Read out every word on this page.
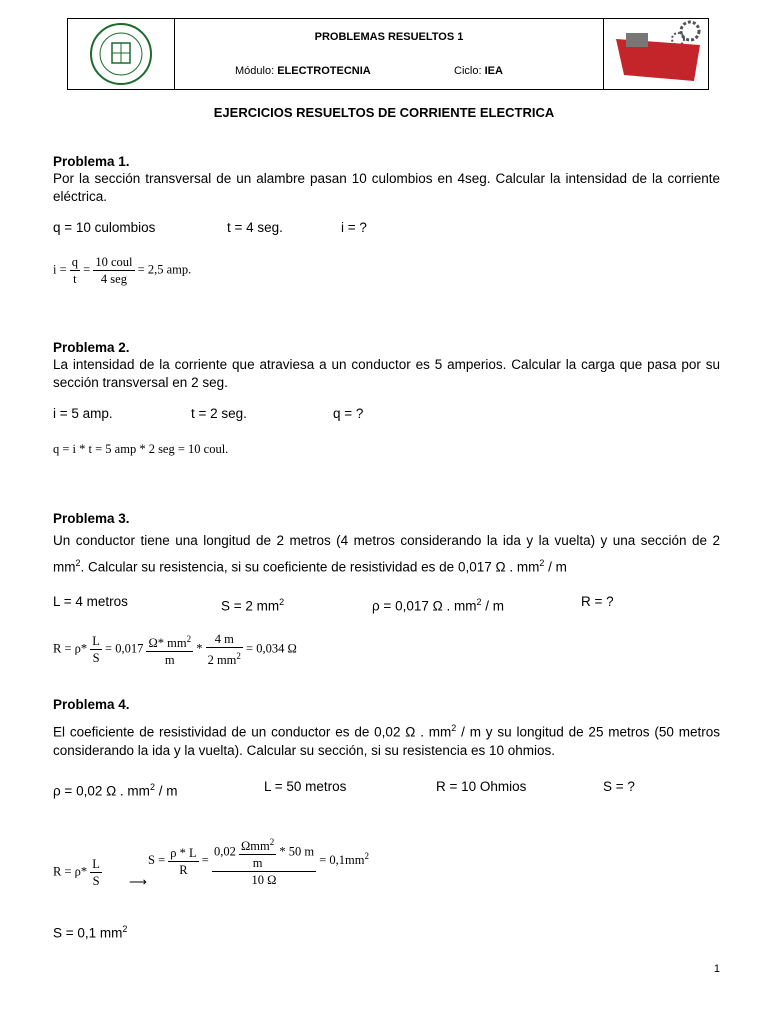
PROBLEMAS RESUELTOS 1
Módulo: ELECTROTECNIA	Ciclo: IEA
EJERCICIOS RESUELTOS DE CORRIENTE ELECTRICA
Problema 1.
Por la sección transversal de un alambre pasan 10 culombios en 4seg. Calcular la intensidad de la corriente eléctrica.
q = 10 culombios	t = 4 seg.	i = ?
$i = \frac{q}{t} = \frac{\text{10 coul}}{\text{4 seg}} = 2,5$ amp.
Problema 2.
La intensidad de la corriente que atraviesa a un conductor es 5 amperios. Calcular la carga que pasa por su sección transversal en 2 seg.
i = 5 amp.	t = 2 seg.	q = ?
q = i * t = 5 amp * 2 seg = 10 coul.
Problema 3.
Un conductor tiene una longitud de 2 metros (4 metros considerando la ida y la vuelta) y una sección de 2 $mm^2$. Calcular su resistencia, si su coeficiente de resistividad es de 0,017 Ω . $mm^2$ / m
L = 4 metros	S = 2 $mm^2$	ρ = 0,017 Ω . $mm^2$ / m	R = ?
$R = \rho* \frac{L}{S} = 0,017 \frac{\Omega* mm^2}{m} * \frac{4 m}{2 mm^2} = 0,034$ Ω
Problema 4.
El coeficiente de resistividad de un conductor es de 0,02 Ω . $mm^2$ / m y su longitud de 25 metros (50 metros considerando la ida y la vuelta). Calcular su sección, si su resistencia es 10 ohmios.
ρ = 0,02 Ω . $mm^2$ / m	L = 50 metros	R = 10 Ohmios	S = ?
$R = \rho* \frac{L}{S}$ ⟶
$S = \frac{\rho * L}{R} = \frac{0,02 \frac{\Omega mm^2}{m} * 50 m}{10 \Omega} = 0,1mm^2$
S = 0,1 $mm^2$
1
